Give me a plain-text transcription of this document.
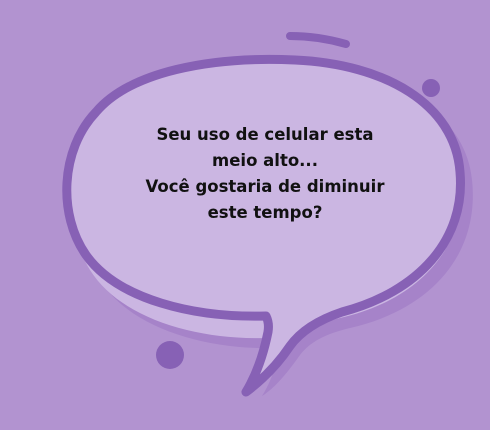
Seu uso de celular esta
meio alto...
Você gostaria de diminuir
este tempo?
